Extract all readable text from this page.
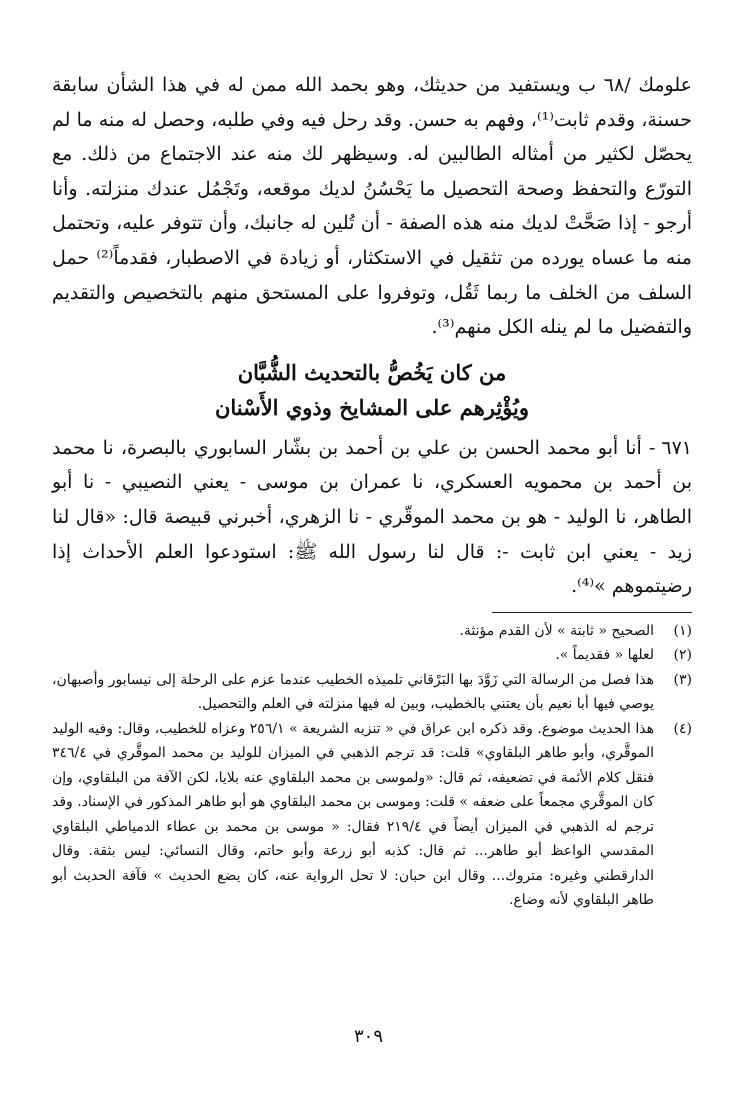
علومك /٦٨ ب ويستفيد من حديثك، وهو بحمد الله ممن له في هذا الشأن سابقة حسنة، وقدم ثابت⁽¹⁾، وفهم به حسن. وقد رحل فيه وفي طلبه، وحصل له منه ما لم يحصّل لكثير من أمثاله الطالبين له. وسيظهر لك منه عند الاجتماع من ذلك. مع التورّع والتحفظ وصحة التحصيل ما يَحْسُنُ لديك موقعه، وتَجْمُل عندك منزلته. وأنا أرجو - إذا صَحَّتْ لديك منه هذه الصفة - أن تُلين له جانبك، وأن تتوفر عليه، وتحتمل منه ما عساه يورده من تثقيل في الاستكثار، أو زيادة في الاصطبار، فقدماً⁽²⁾ حمل السلف من الخلف ما ربما ثَقُل، وتوفروا على المستحق منهم بالتخصيص والتقديم والتفضيل ما لم ينله الكل منهم⁽³⁾.

من كان يَخُصُّ بالتحديث الشُّبَّان
ويُؤْثِرهم على المشايخ وذوي الأَسْنان

٦٧١- أنا أبو محمد الحسن بن علي بن أحمد بن بشّار السابوري بالبصرة، نا محمد بن أحمد بن محمويه العسكري، نا عمران بن موسى - يعني النصيبي - نا أبو الطاهر، نا الوليد - هو بن محمد الموقّري - نا الزهري، أخبرني قبيصة قال: «قال لنا زيد - يعني ابن ثابت -: قال لنا رسول الله ﷺ: استودعوا العلم الأحداث إذا رضيتموهم »⁽⁴⁾.

(١)
الصحيح « ثابتة » لأن القدم مؤنثة.
(٢)
لعلها « فقديماً ».
(٣)
هذا فصل من الرسالة التي زَوَّدَ بها البَرْقاني تلميذه الخطيب عندما عزم على الرحلة إلى نيسابور وأصبهان، يوصي فيها أبا نعيم بأن يعتني بالخطيب، وبين له فيها منزلته في العلم والتحصيل.
(٤)
هذا الحديث موضوع. وقد ذكره ابن عراق في « تنزيه الشريعة » ٢٥٦/١ وعزاه للخطيب، وقال: وفيه الوليد الموقَّري، وأبو طاهر البلقاوي» قلت: قد ترجم الذهبي في الميزان للوليد بن محمد الموقَّري في ٣٤٦/٤ فنقل كلام الأئمة في تضعيفه، ثم قال: «ولموسى بن محمد البلقاوي عنه بلايا، لكن الآفة من البلقاوي، وإن كان الموقَّري مجمعاً على ضعفه » قلت: وموسى بن محمد البلقاوي هو أبو طاهر المذكور في الإسناد. وقد ترجم له الذهبي في الميزان أيضاً في ٢١٩/٤ فقال: « موسى بن محمد بن عطاء الدمياطي البلقاوي المقدسي الواعظ أبو طاهر... ثم قال: كذبه أبو زرعة وأبو حاتم، وقال النسائي: ليس بثقة. وقال الدارقطني وغيره: متروك... وقال ابن حبان: لا تحل الرواية عنه، كان يضع الحديث » فآفة الحديث أبو طاهر البلقاوي لأنه وضاع.
٣٠٩
